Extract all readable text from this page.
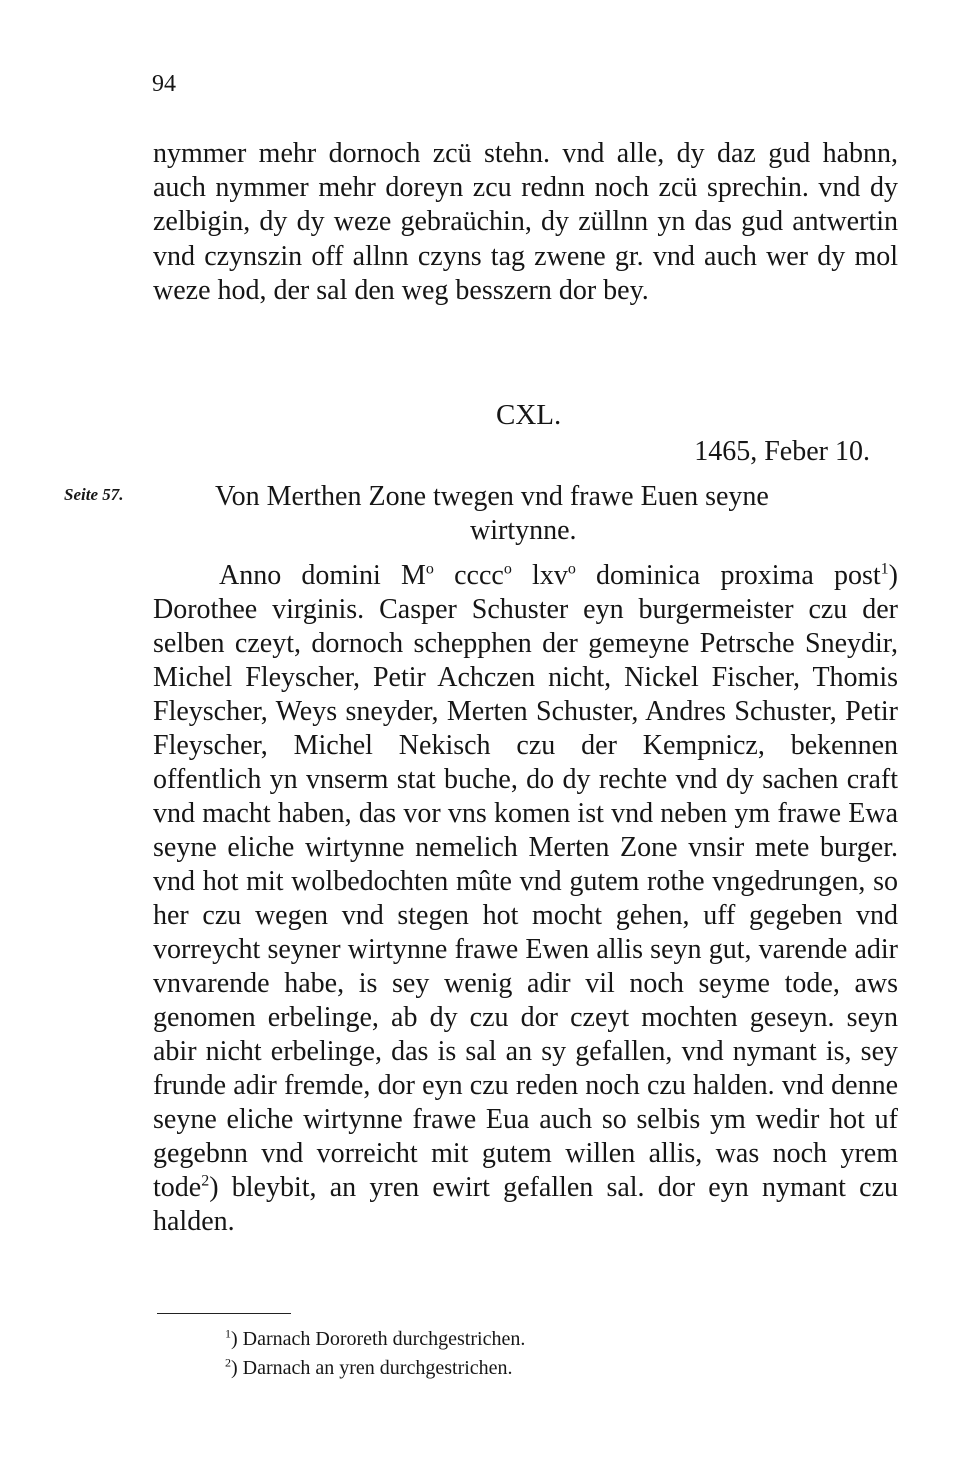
94

nymmer mehr dornoch zcü stehn. vnd alle, dy daz gud habnn, auch nymmer mehr doreyn zcu rednn noch zcü sprechin. vnd dy zelbigin, dy dy weze gebraüchin, dy züllnn yn das gud antwertin vnd czynszin off allnn czyns tag zwene gr. vnd auch wer dy mol weze hod, der sal den weg besszern dor bey.

CXL.
1465, Feber 10.
Seite 57.	Von Merthen Zone twegen vnd frawe Euen seyne
wirtynne.

Anno domini $M^o$ cccc$^o$ lxv$^o$ dominica proxima post$^1$)
Dorothee virginis. Casper Schuster eyn burgermeister czu der selben czeyt, dornoch schepphen der gemeyne Petrsche Sneydir, Michel Fleyscher, Petir Achczen nicht, Nickel Fischer, Thomis Fleyscher, Weys sneyder, Merten Schuster, Andres Schuster, Petir Fleyscher, Michel Nekisch czu der Kempnicz, bekennen offentlich yn vnserm stat buche, do dy rechte vnd dy sachen craft vnd macht haben, das vor vns komen ist vnd neben ym frawe Ewa seyne eliche wirtynne nemelich Merten Zone vnsir mete burger. vnd hot mit wolbedochten mûte vnd gutem rothe vngedrungen, so her czu wegen vnd stegen hot mocht gehen, uff gegeben vnd vorreycht seyner wirtynne frawe Ewen allis seyn gut, varende adir vnvarende habe, is sey wenig adir vil noch seyme tode, aws genomen erbelinge, ab dy czu dor czeyt mochten geseyn. seyn abir nicht erbelinge, das is sal an sy gefallen, vnd nymant is, sey frunde adir fremde, dor eyn czu reden noch czu halden. vnd denne seyne eliche wirtynne frawe Eua auch so selbis ym wedir hot uf gegebnn vnd vorreicht mit gutem willen allis, was noch yrem tode$^2$) bleybit, an yren ewirt gefallen sal. dor eyn nymant czu halden.

$^1$) Darnach Dororeth durchgestrichen.
$^2$) Darnach an yren durchgestrichen.
